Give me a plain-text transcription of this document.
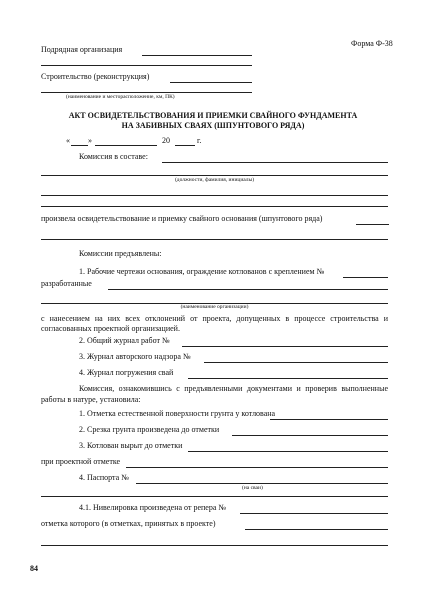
Форма Ф-38
Подрядная организация
Строительство (реконструкция)
(наименование и месторасположение, км, ПК)
АКТ ОСВИДЕТЕЛЬСТВОВАНИЯ И ПРИЕМКИ СВАЙНОГО ФУНДАМЕНТА
НА ЗАБИВНЫХ СВАЯХ (ШПУНТОВОГО РЯДА)
« »	20	г.
Комиссия в составе:
(должности, фамилия, инициалы)
произвела освидетельствование и приемку свайного основания (шпунтового ряда)
Комиссии предъявлены:
1. Рабочие чертежи основания, ограждение котлованов с креплением №
разработанные
(наименование организации)
с нанесением на них всех отклонений от проекта, допущенных в процессе строительства и согласованных проектной организацией.
2. Общий журнал работ №
3. Журнал авторского надзора №
4. Журнал погружения свай
Комиссия, ознакомившись с предъявленными документами и проверив выполненные работы в натуре, установила:
1. Отметка естественной поверхности грунта у котлована
2. Срезка грунта произведена до отметки
3. Котлован вырыт до отметки
при проектной отметке
4. Паспорта №
(на сваи)
4.1. Нивелировка произведена от репера №
отметка которого (в отметках, принятых в проекте)
84
